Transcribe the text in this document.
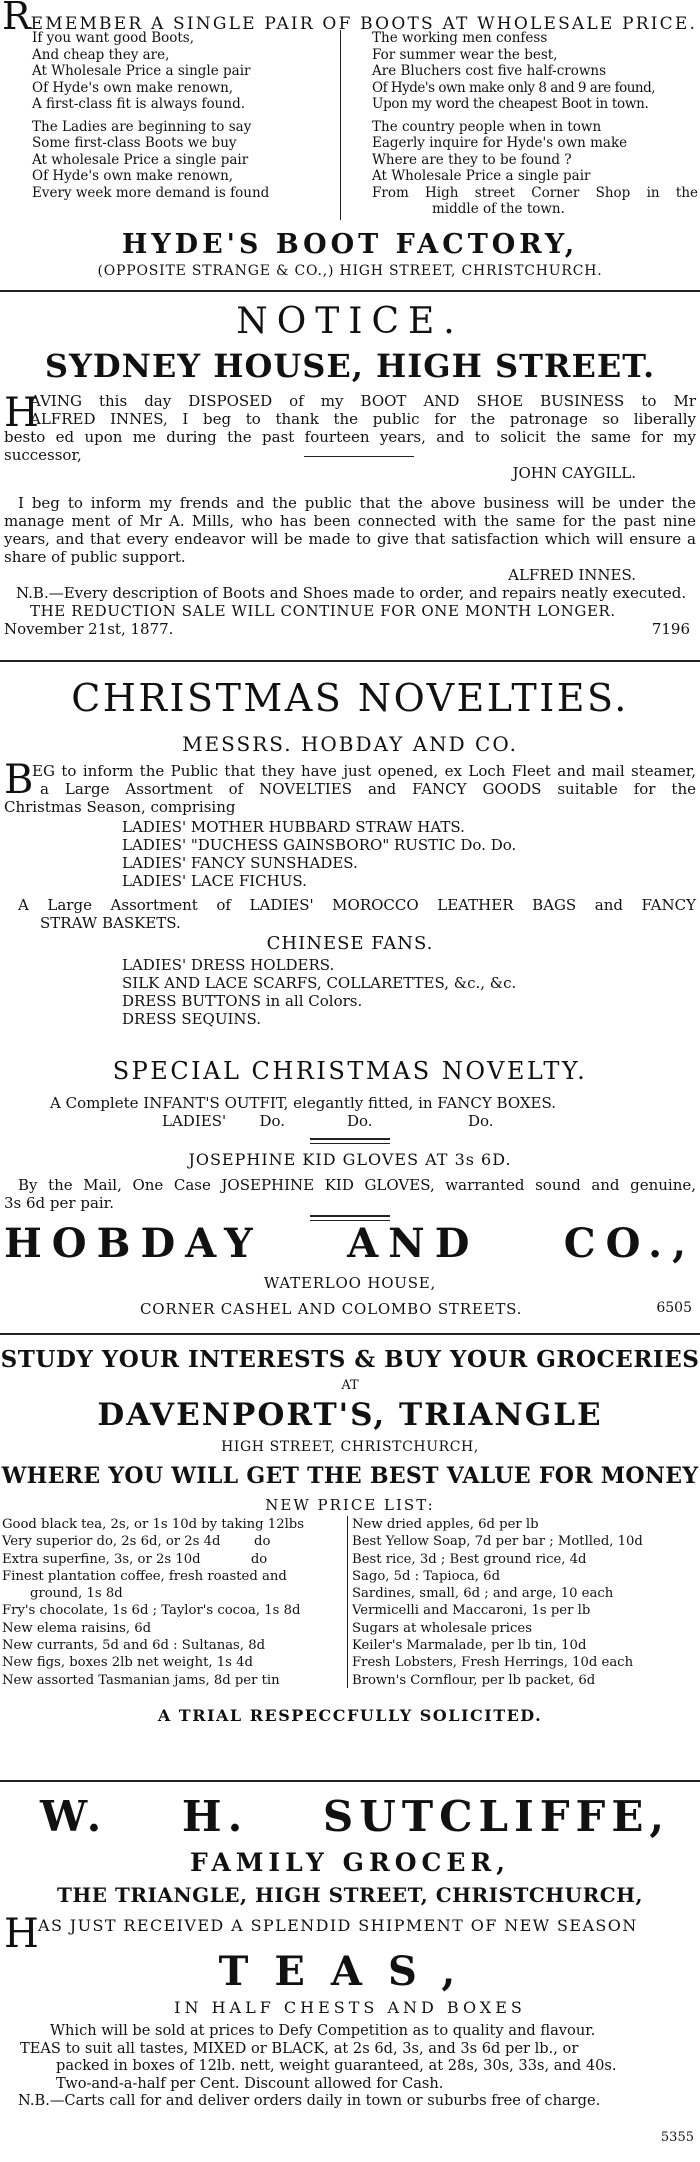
REMEMBER A SINGLE PAIR OF BOOTS AT WHOLESALE PRICE.
If you want good Boots,
And cheap they are,
At Wholesale Price a single pair
Of Hyde's own make renown,
A first-class fit is always found.
The Ladies are beginning to say
Some first-class Boots we buy
At wholesale Price a single pair
Of Hyde's own make renown,
Every week more demand is found
The working men confess
For summer wear the best,
Are Bluchers cost five half-crowns
Of Hyde's own make only 8 and 9 are found,
Upon my word the cheapest Boot in town.
The country people when in town
Eagerly inquire for Hyde's own make
Where are they to be found ?
At Wholesale Price a single pair
From High street Corner Shop in the
middle of the town.
HYDE'S BOOT FACTORY,
(OPPOSITE STRANGE & CO.,) HIGH STREET, CHRISTCHURCH.
NOTICE.
SYDNEY HOUSE, HIGH STREET.
H
AVING this day DISPOSED of my BOOT AND SHOE BUSINESS to Mr
ALFRED INNES, I beg to thank the public for the patronage so liberally
besto ed upon me during the past fourteen years, and to solicit the same for my
successor,
JOHN CAYGILL.
I beg to inform my frends and the public that the above business will be under the
manage ment of Mr A. Mills, who has been connected with the same for the past nine
years, and that every endeavor will be made to give that satisfaction which will ensure a
share of public support.
ALFRED INNES.
N.B.—Every description of Boots and Shoes made to order, and repairs neatly executed.
THE REDUCTION SALE WILL CONTINUE FOR ONE MONTH LONGER.
November 21st, 1877.	7196
CHRISTMAS NOVELTIES.
MESSRS. HOBDAY AND CO.
B
EG to inform the Public that they have just opened, ex Loch Fleet and mail steamer,
a Large Assortment of NOVELTIES and FANCY GOODS suitable for the
Christmas Season, comprising
LADIES' MOTHER HUBBARD STRAW HATS.
LADIES' "DUCHESS GAINSBORO" RUSTIC Do. Do.
LADIES' FANCY SUNSHADES.
LADIES' LACE FICHUS.
A Large Assortment of LADIES' MOROCCO LEATHER BAGS and FANCY
STRAW BASKETS.
CHINESE FANS.
LADIES' DRESS HOLDERS.
SILK AND LACE SCARFS, COLLARETTES, &c., &c.
DRESS BUTTONS in all Colors.
DRESS SEQUINS.
SPECIAL CHRISTMAS NOVELTY.
A Complete INFANT'S OUTFIT, elegantly fitted, in FANCY BOXES.
LADIES'       Do.             Do.                    Do.
JOSEPHINE KID GLOVES AT 3s 6D.
By the Mail, One Case JOSEPHINE KID GLOVES, warranted sound and genuine,
3s 6d per pair.
HOBDAY AND CO.,
WATERLOO HOUSE,
CORNER CASHEL AND COLOMBO STREETS.	6505
STUDY YOUR INTERESTS & BUY YOUR GROCERIES
AT
DAVENPORT'S, TRIANGLE
HIGH STREET, CHRISTCHURCH,
WHERE YOU WILL GET THE BEST VALUE FOR MONEY
NEW PRICE LIST:
Good black tea, 2s, or 1s 10d by taking 12lbs
Very superior do, 2s 6d, or 2s 4d        do
Extra superfine, 3s, or 2s 10d            do
Finest plantation coffee, fresh roasted and
ground, 1s 8d
Fry's chocolate, 1s 6d ; Taylor's cocoa, 1s 8d
New elema raisins, 6d
New currants, 5d and 6d : Sultanas, 8d
New figs, boxes 2lb net weight, 1s 4d
New assorted Tasmanian jams, 8d per tin
New dried apples, 6d per lb
Best Yellow Soap, 7d per bar ; Motlled, 10d
Best rice, 3d ; Best ground rice, 4d
Sago, 5d : Tapioca, 6d
Sardines, small, 6d ; and arge, 10 each
Vermicelli and Maccaroni, 1s per lb
Sugars at wholesale prices
Keiler's Marmalade, per lb tin, 10d
Fresh Lobsters, Fresh Herrings, 10d each
Brown's Cornflour, per lb packet, 6d
A TRIAL RESPECCFULLY SOLICITED.
W. H. SUTCLIFFE,
FAMILY GROCER,
THE TRIANGLE, HIGH STREET, CHRISTCHURCH,
H AS JUST RECEIVED A SPLENDID SHIPMENT OF NEW SEASON
TEAS,
IN HALF CHESTS AND BOXES
Which will be sold at prices to Defy Competition as to quality and flavour.
TEAS to suit all tastes, MIXED or BLACK, at 2s 6d, 3s, and 3s 6d per lb., or
packed in boxes of 12lb. nett, weight guaranteed, at 28s, 30s, 33s, and 40s.
Two-and-a-half per Cent. Discount allowed for Cash.
N.B.—Carts call for and deliver orders daily in town or suburbs free of charge.
5355
